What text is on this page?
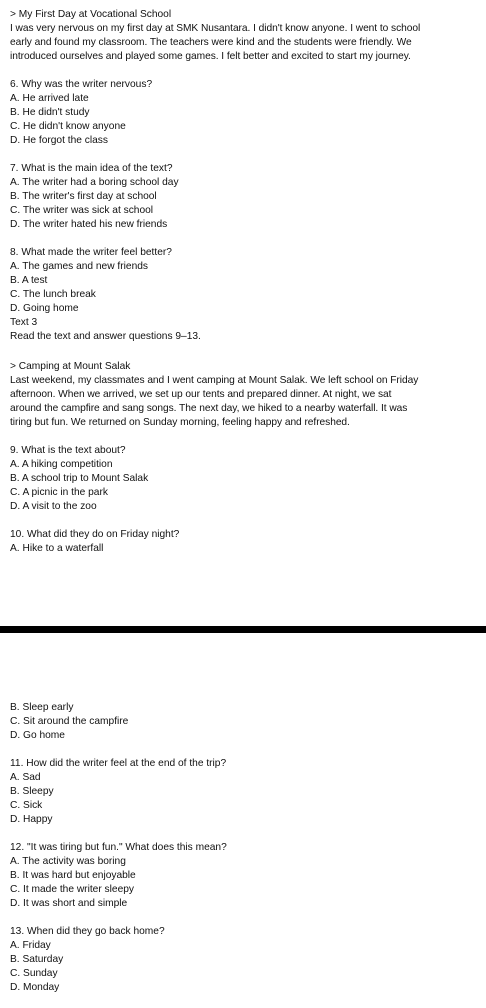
> My First Day at Vocational School
I was very nervous on my first day at SMK Nusantara. I didn't know anyone. I went to school
early and found my classroom. The teachers were kind and the students were friendly. We
introduced ourselves and played some games. I felt better and excited to start my journey.
6. Why was the writer nervous?
A. He arrived late
B. He didn't study
C. He didn't know anyone
D. He forgot the class
7. What is the main idea of the text?
A. The writer had a boring school day
B. The writer's first day at school
C. The writer was sick at school
D. The writer hated his new friends
8. What made the writer feel better?
A. The games and new friends
B. A test
C. The lunch break
D. Going home
Text 3
Read the text and answer questions 9–13.
> Camping at Mount Salak
Last weekend, my classmates and I went camping at Mount Salak. We left school on Friday
afternoon. When we arrived, we set up our tents and prepared dinner. At night, we sat
around the campfire and sang songs. The next day, we hiked to a nearby waterfall. It was
tiring but fun. We returned on Sunday morning, feeling happy and refreshed.
9. What is the text about?
A. A hiking competition
B. A school trip to Mount Salak
C. A picnic in the park
D. A visit to the zoo
10. What did they do on Friday night?
A. Hike to a waterfall
B. Sleep early
C. Sit around the campfire
D. Go home
11. How did the writer feel at the end of the trip?
A. Sad
B. Sleepy
C. Sick
D. Happy
12. "It was tiring but fun." What does this mean?
A. The activity was boring
B. It was hard but enjoyable
C. It made the writer sleepy
D. It was short and simple
13. When did they go back home?
A. Friday
B. Saturday
C. Sunday
D. Monday
